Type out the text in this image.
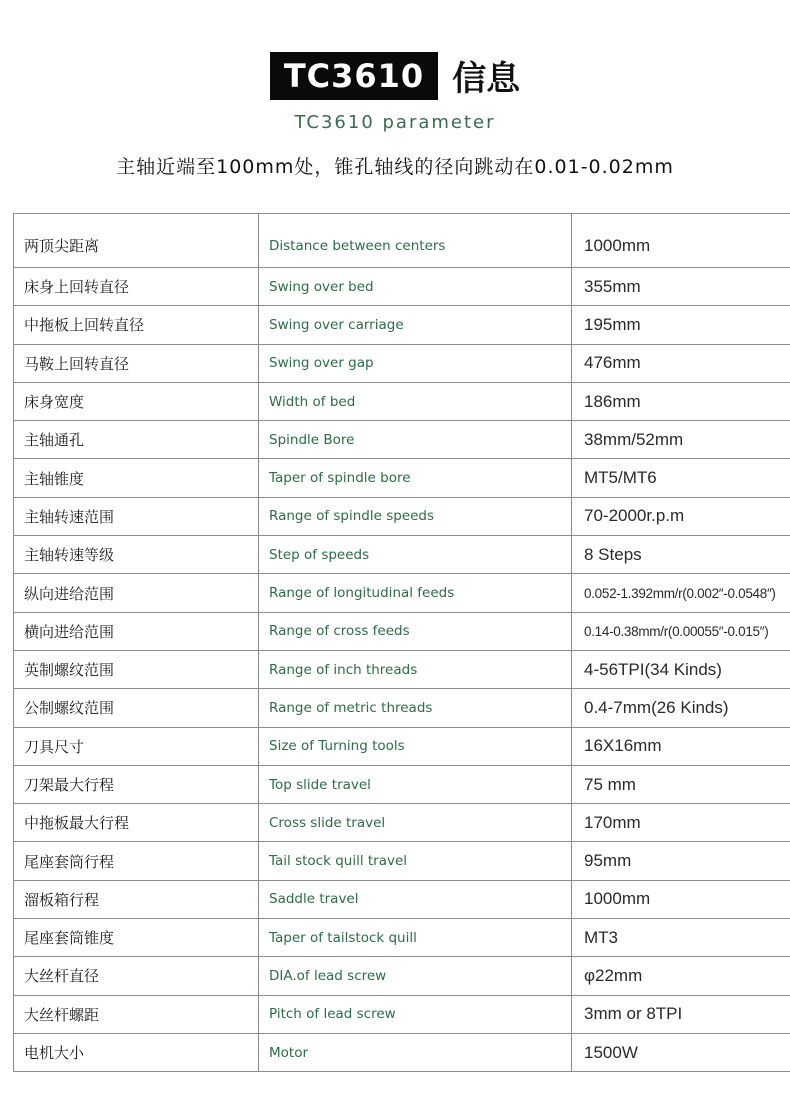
TC3610 信息
TC3610 parameter
主轴近端至100mm处，锥孔轴线的径向跳动在0.01-0.02mm
两顶尖距离	Distance between centers	1000mm
床身上回转直径	Swing over bed	355mm
中拖板上回转直径	Swing over carriage	195mm
马鞍上回转直径	Swing over gap	476mm
床身宽度	Width of bed	186mm
主轴通孔	Spindle Bore	38mm/52mm
主轴锥度	Taper of spindle bore	MT5/MT6
主轴转速范围	Range of spindle speeds	70-2000r.p.m
主轴转速等级	Step of speeds	8 Steps
纵向进给范围	Range of longitudinal feeds	0.052-1.392mm/r(0.002″-0.0548″)
横向进给范围	Range of cross feeds	0.14-0.38mm/r(0.00055″-0.015″)
英制螺纹范围	Range of inch threads	4-56TPI(34 Kinds)
公制螺纹范围	Range of metric threads	0.4-7mm(26 Kinds)
刀具尺寸	Size of Turning tools	16X16mm
刀架最大行程	Top slide travel	75 mm
中拖板最大行程	Cross slide travel	170mm
尾座套筒行程	Tail stock quill travel	95mm
溜板箱行程	Saddle travel	1000mm
尾座套筒锥度	Taper of tailstock quill	MT3
大丝杆直径	DIA.of lead screw	φ22mm
大丝杆螺距	Pitch of lead screw	3mm or 8TPI
电机大小	Motor	1500W
